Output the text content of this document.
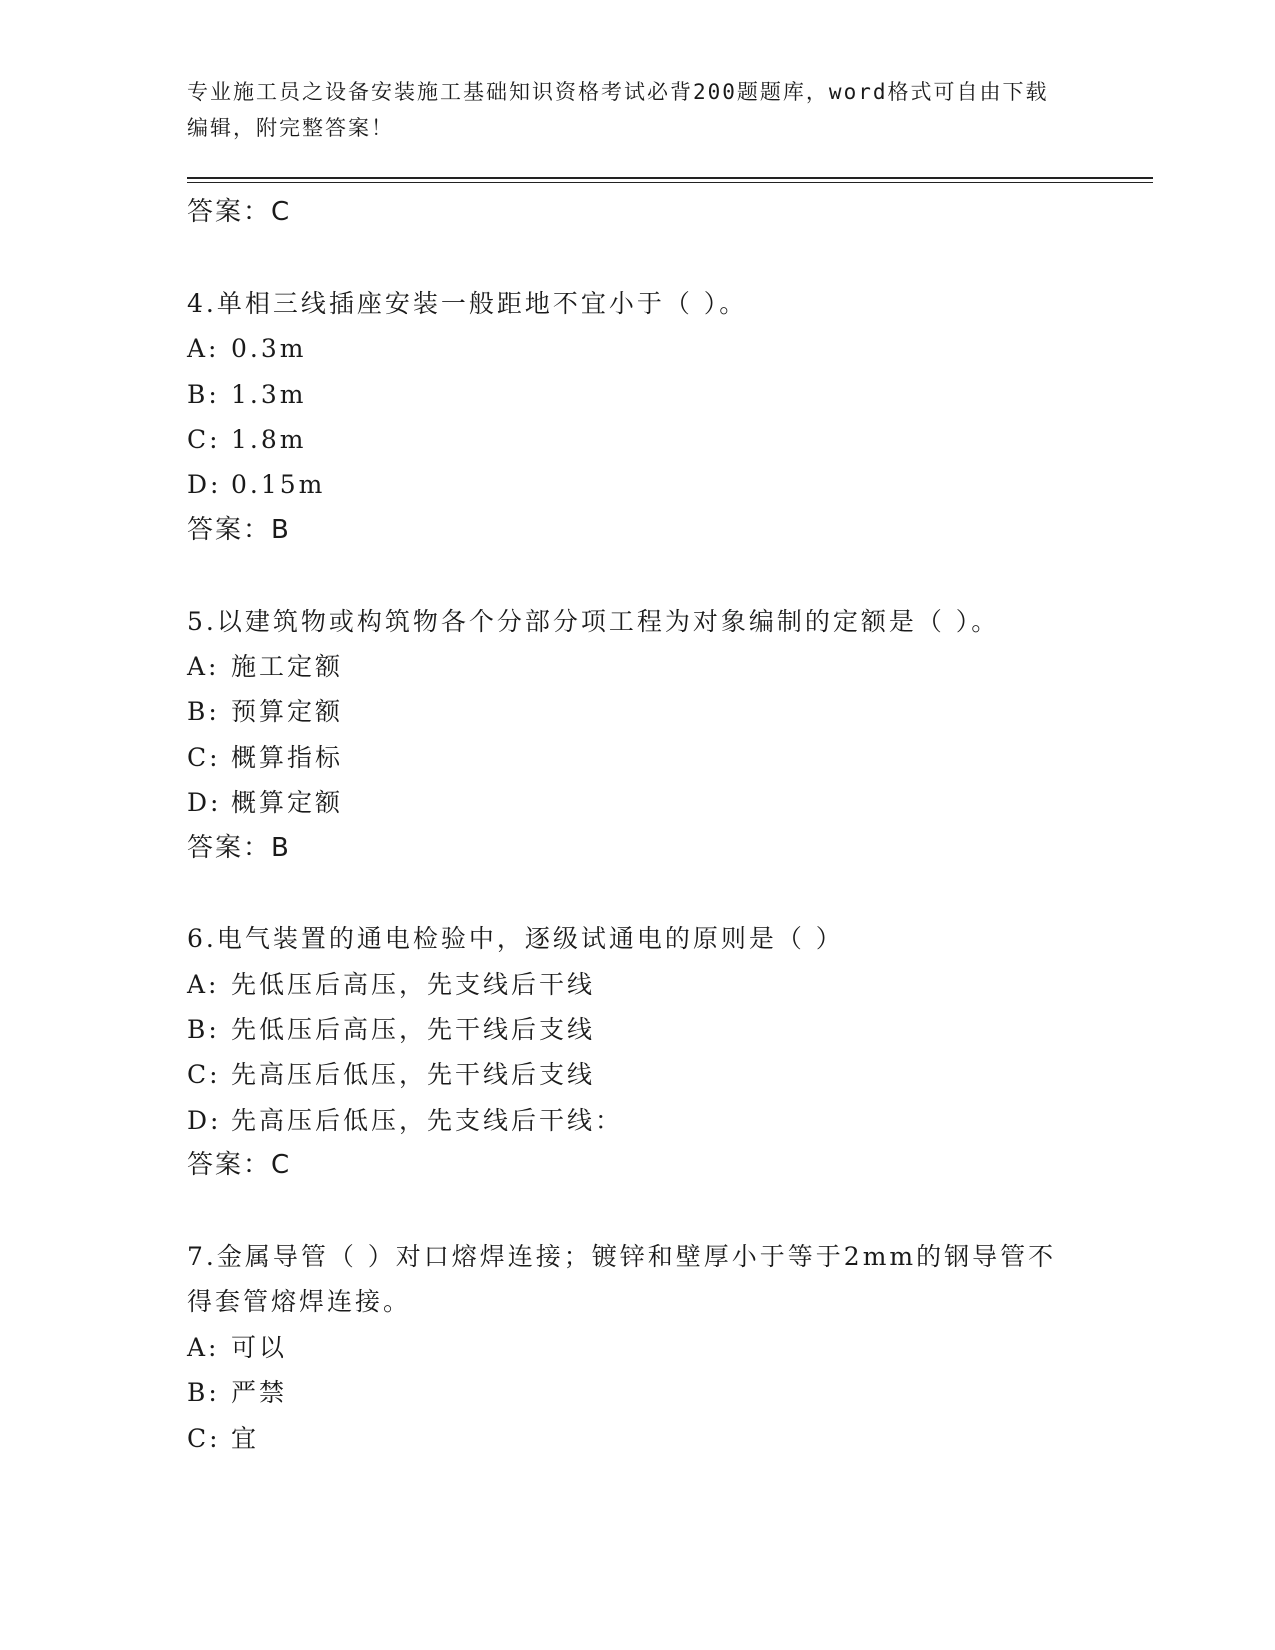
专业施工员之设备安装施工基础知识资格考试必背200题题库，word格式可自由下载编辑，附完整答案！
答案：C
4.单相三线插座安装一般距地不宜小于（ ）。
A: 0.3m
B: 1.3m
C: 1.8m
D: 0.15m
答案：B
5.以建筑物或构筑物各个分部分项工程为对象编制的定额是（ ）。
A: 施工定额
B: 预算定额
C: 概算指标
D: 概算定额
答案：B
6.电气装置的通电检验中，逐级试通电的原则是（ ）
A: 先低压后高压，先支线后干线
B: 先低压后高压，先干线后支线
C: 先高压后低压，先干线后支线
D: 先高压后低压，先支线后干线：
答案：C
7.金属导管（ ）对口熔焊连接；镀锌和壁厚小于等于2mm的钢导管不得套管熔焊连接。
A: 可以
B: 严禁
C: 宜
